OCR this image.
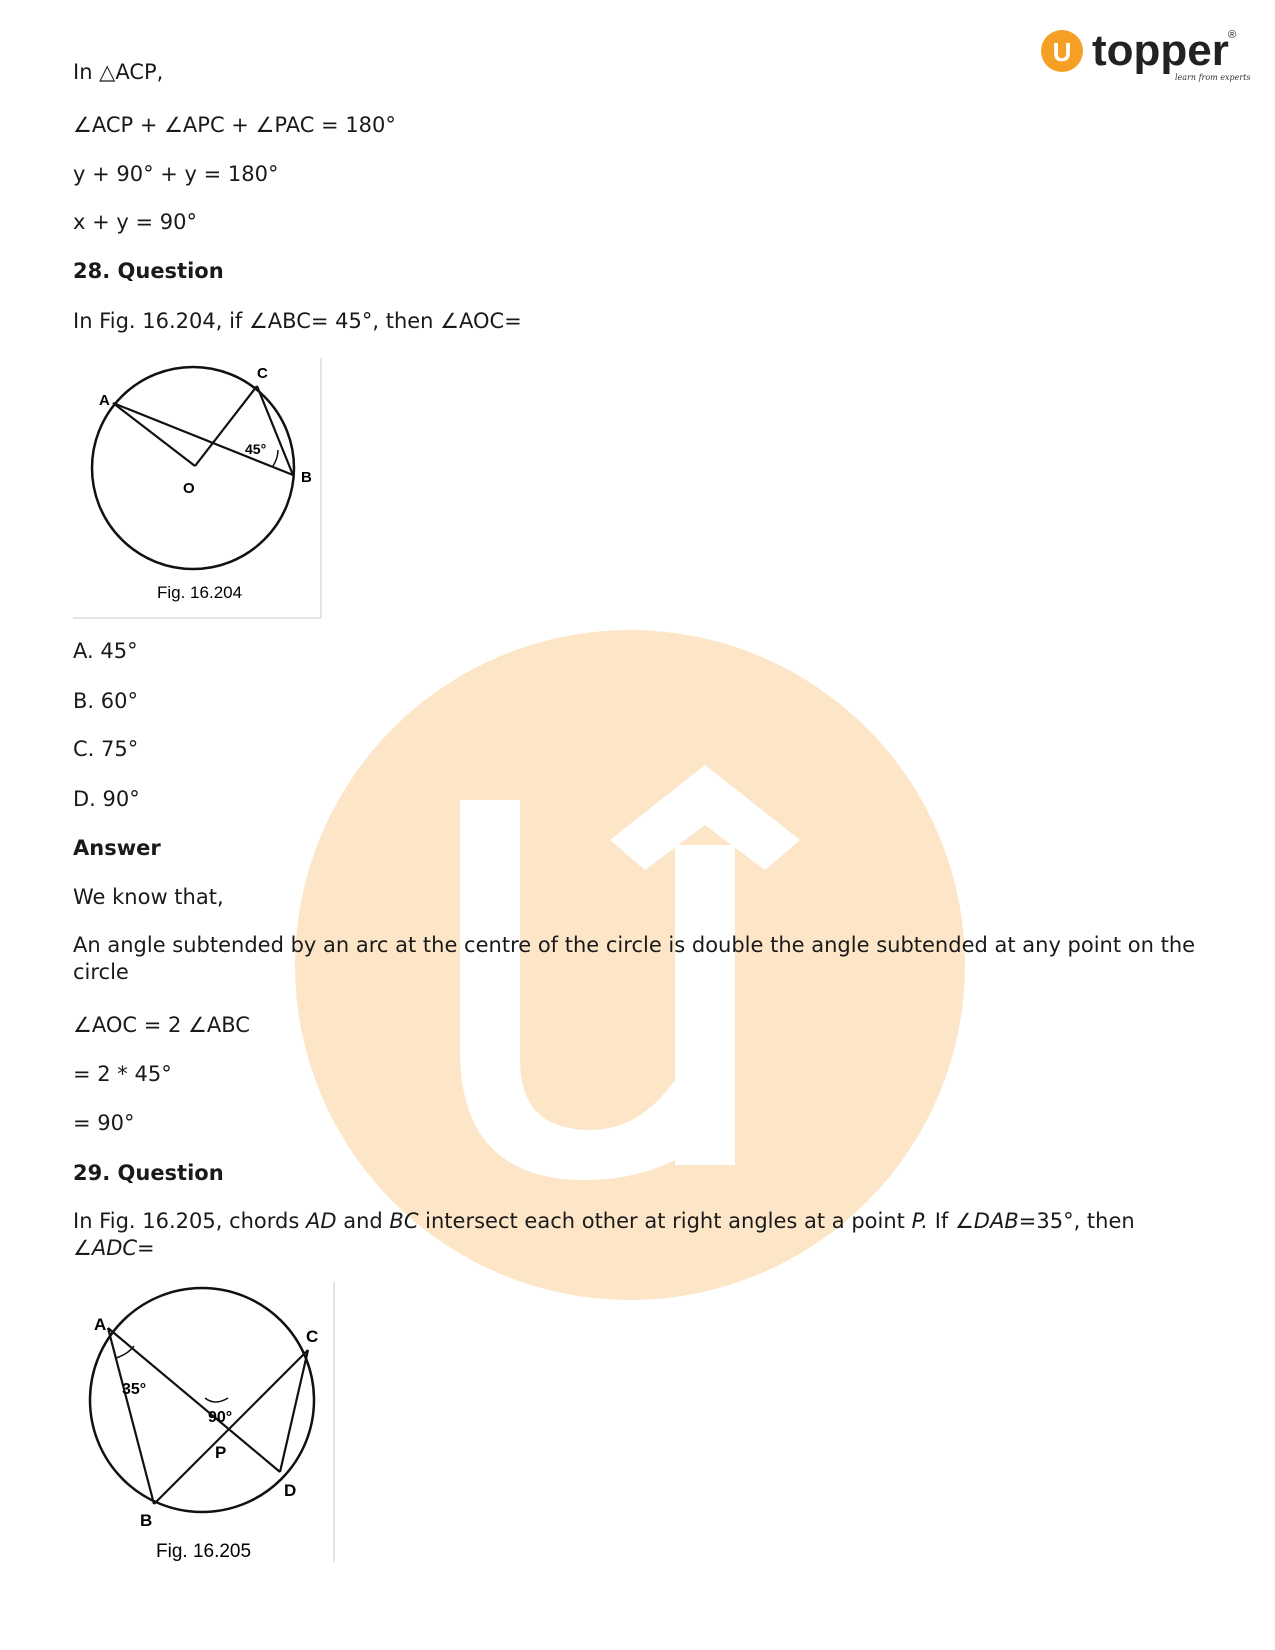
U topper ®
learn from experts
In △ACP,
∠ACP + ∠APC + ∠PAC = 180°
y + 90° + y = 180°
x + y = 90°
28. Question
In Fig. 16.204, if ∠ABC= 45°, then ∠AOC=
A
C
B
O
45°
Fig. 16.204
A. 45°
B. 60°
C. 75°
D. 90°
Answer
We know that,
An angle subtended by an arc at the centre of the circle is double the angle subtended at any point on the circle
∠AOC = 2 ∠ABC
= 2 * 45°
= 90°
29. Question
In Fig. 16.205, chords AD and BC intersect each other at right angles at a point P. If ∠DAB=35°, then ∠ADC=
A
C
D
B
P
35°
90°
Fig. 16.205
